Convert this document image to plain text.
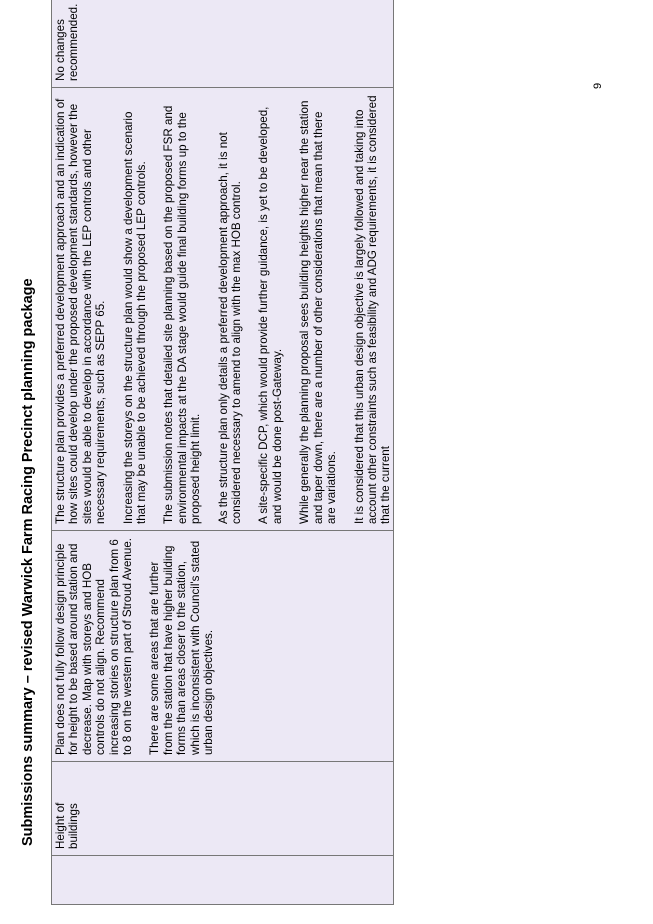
Submissions summary – revised Warwick Farm Racing Precinct planning package
	Height of buildings	

Plan does not fully follow design principle for height to be based around station and decrease. Map with storeys and HOB controls do not align. Recommend increasing stories on structure plan from 6 to 8 on the western part of Stroud Avenue. There are some areas that are further from the station that have higher building forms than areas closer to the station, which is inconsistent with Council's stated urban design objectives.

The structure plan provides a preferred development approach and an indication of how sites could develop under the proposed development standards, however the sites would be able to develop in accordance with the LEP controls and other necessary requirements, such as SEPP 65. Increasing the storeys on the structure plan would show a development scenario that may be unable to be achieved through the proposed LEP controls. The submission notes that detailed site planning based on the proposed FSR and environmental impacts at the DA stage would guide final building forms up to the proposed height limit. As the structure plan only details a preferred development approach, it is not considered necessary to amend to align with the max HOB control. A site-specific DCP, which would provide further guidance, is yet to be developed, and would be done post-Gateway. While generally the planning proposal sees building heights higher near the station and taper down, there are a number of other considerations that mean that there are variations. It is considered that this urban design objective is largely followed and taking into account other constraints such as feasibility and ADG requirements, it is considered that the current

	No changes recommended.
9
